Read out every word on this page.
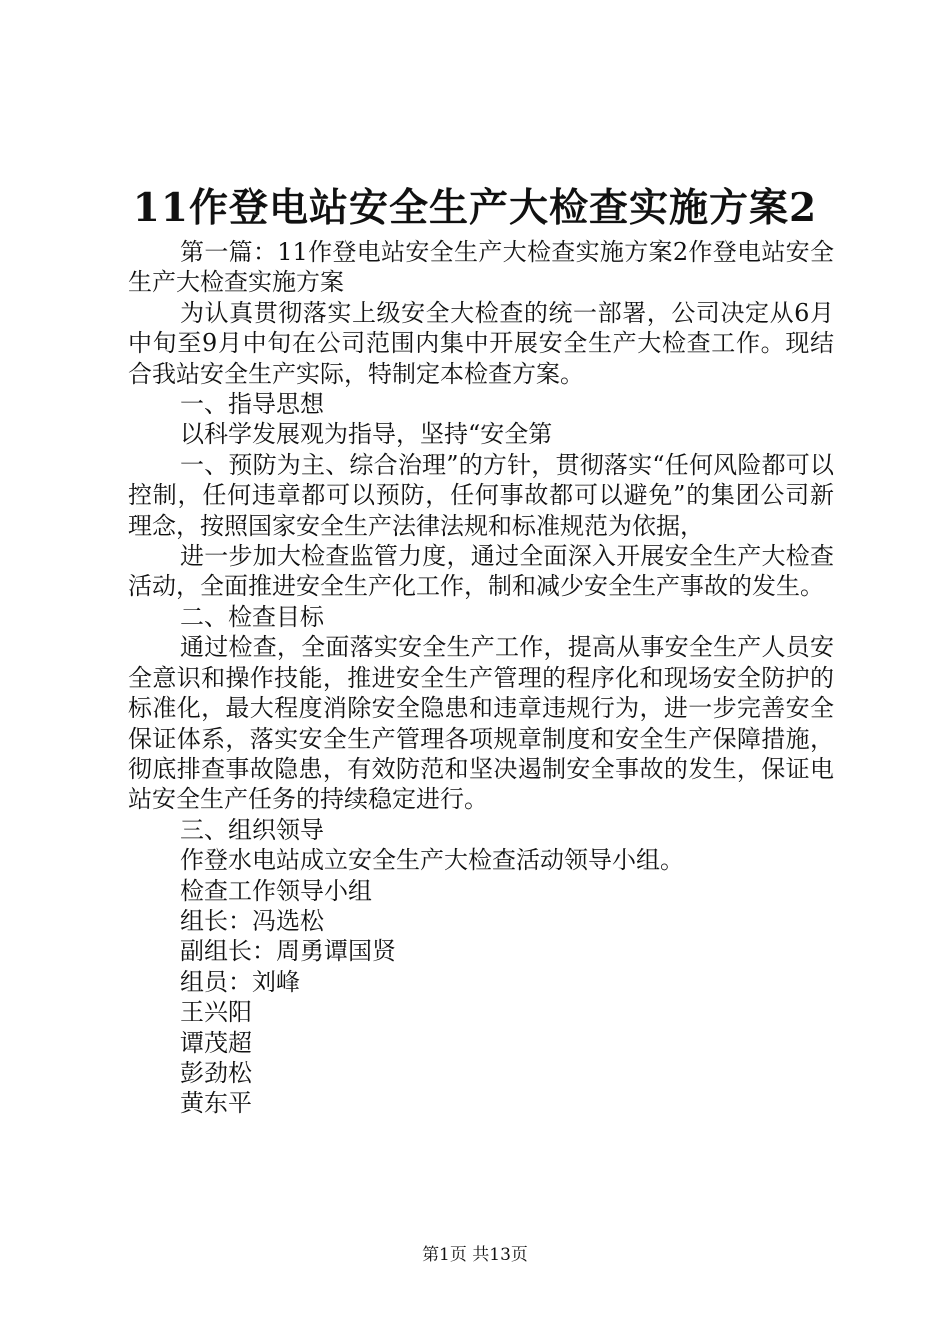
11作登电站安全生产大检查实施方案2

第一篇：11作登电站安全生产大检查实施方案2作登电站安全生产大检查实施方案

为认真贯彻落实上级安全大检查的统一部署，公司决定从6月中旬至9月中旬在公司范围内集中开展安全生产大检查工作。现结合我站安全生产实际，特制定本检查方案。

一、指导思想

以科学发展观为指导，坚持“安全第

一、预防为主、综合治理”的方针，贯彻落实“任何风险都可以控制，任何违章都可以预防，任何事故都可以避免”的集团公司新理念，按照国家安全生产法律法规和标准规范为依据，

进一步加大检查监管力度，通过全面深入开展安全生产大检查活动，全面推进安全生产化工作，制和减少安全生产事故的发生。

二、检查目标

通过检查，全面落实安全生产工作，提高从事安全生产人员安全意识和操作技能，推进安全生产管理的程序化和现场安全防护的标准化，最大程度消除安全隐患和违章违规行为，进一步完善安全保证体系，落实安全生产管理各项规章制度和安全生产保障措施，彻底排查事故隐患，有效防范和坚决遏制安全事故的发生，保证电站安全生产任务的持续稳定进行。

三、组织领导

作登水电站成立安全生产大检查活动领导小组。

检查工作领导小组

组长：冯选松

副组长：周勇谭国贤

组员：刘峰

王兴阳

谭茂超

彭劲松

黄东平

第1页 共13页
